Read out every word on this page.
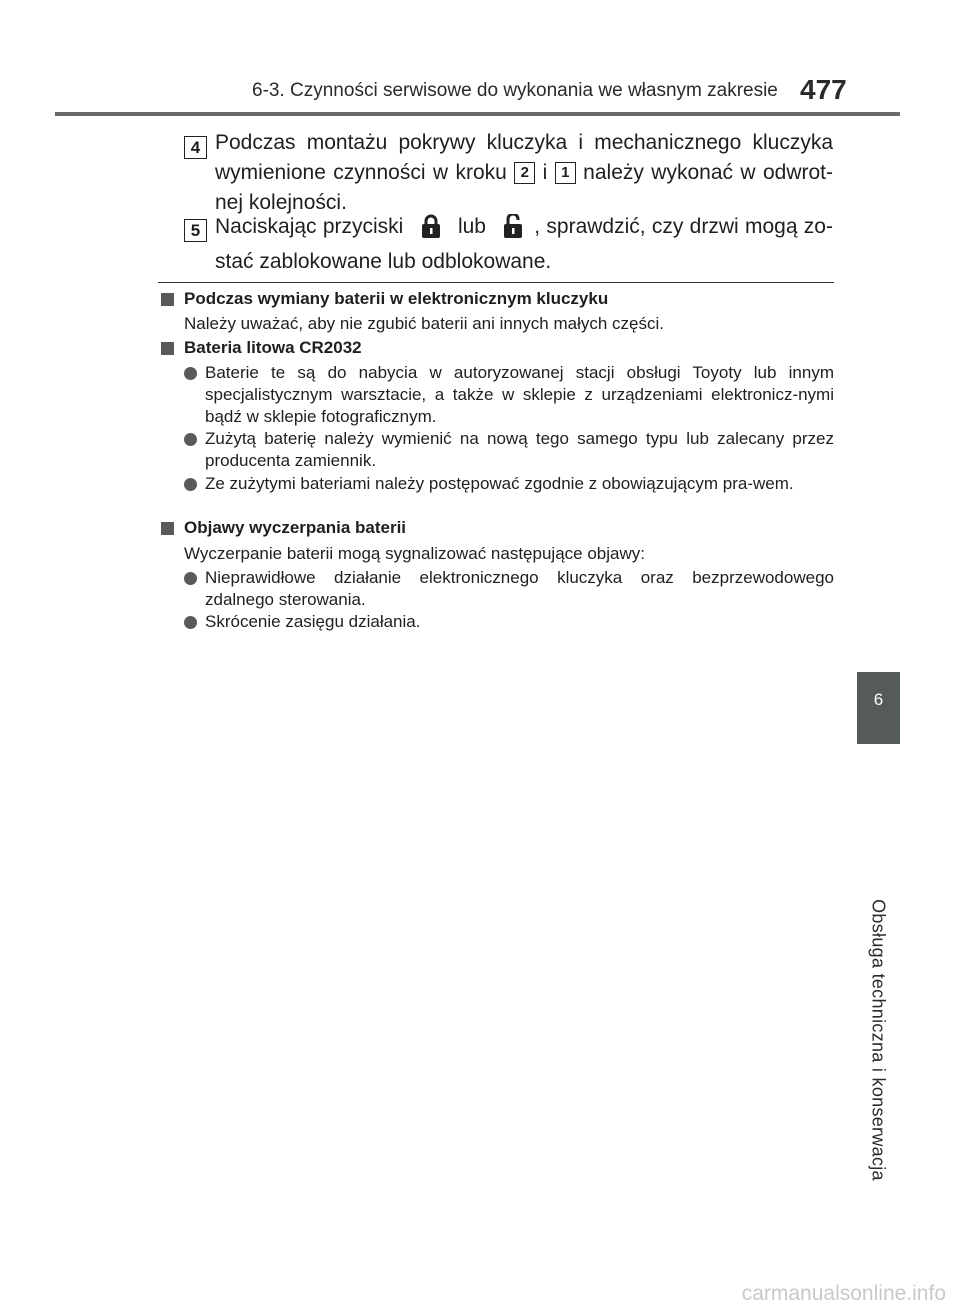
6-3. Czynności serwisowe do wykonania we własnym zakresie 477
6
Obsługa techniczna i konserwacja
4 Podczas montażu pokrywy kluczyka i mechanicznego kluczyka wymienione czynności w kroku 2 i 1 należy wykonać w odwrot-nej kolejności.
5 Naciskając przyciski	lub , sprawdzić, czy drzwi mogą zo-stać zablokowane lub odblokowane.
Podczas wymiany baterii w elektronicznym kluczyku
Należy uważać, aby nie zgubić baterii ani innych małych części.
Bateria litowa CR2032
Baterie te są do nabycia w autoryzowanej stacji obsługi Toyoty lub innym specjalistycznym warsztacie, a także w sklepie z urządzeniami elektronicz-nymi bądź w sklepie fotograficznym.
Zużytą baterię należy wymienić na nową tego samego typu lub zalecany przez producenta zamiennik.
Ze zużytymi bateriami należy postępować zgodnie z obowiązującym pra-wem.
Objawy wyczerpania baterii
Wyczerpanie baterii mogą sygnalizować następujące objawy:
Nieprawidłowe działanie elektronicznego kluczyka oraz bezprzewodowego zdalnego sterowania.
Skrócenie zasięgu działania.
carmanualsonline.info
